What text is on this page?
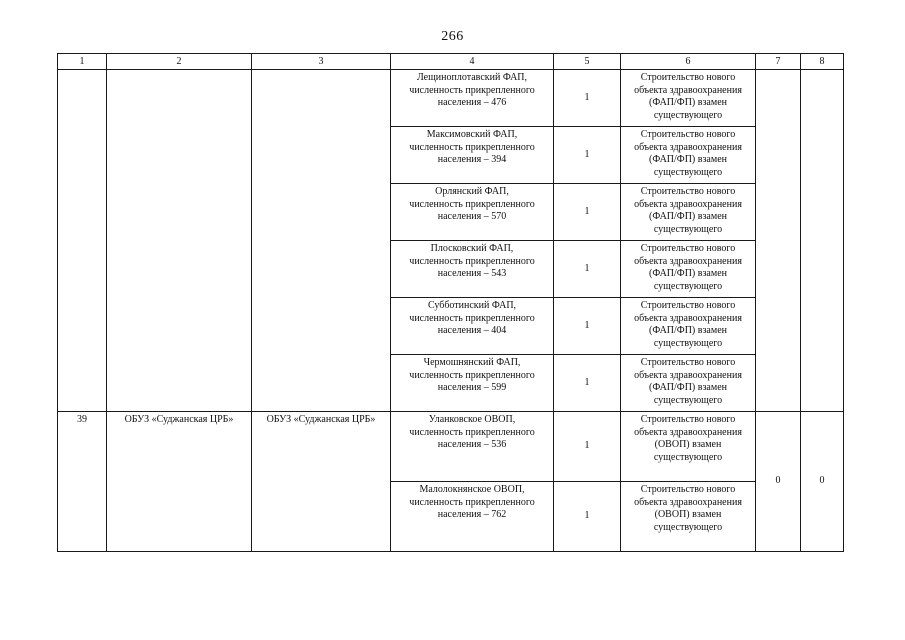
266
1	2	3	4	5	6	7	8

			Лещиноплотавский ФАП,
численность прикрепленного
населения – 476	1	Строительство нового
объекта здравоохранения
(ФАП/ФП) взамен
существующего		

			Максимовский ФАП,
численность прикрепленного
населения – 394	1	Строительство нового
объекта здравоохранения
(ФАП/ФП) взамен
существующего		

			Орлянский ФАП,
численность прикрепленного
населения – 570	1	Строительство нового
объекта здравоохранения
(ФАП/ФП) взамен
существующего		

			Плосковский ФАП,
численность прикрепленного
населения – 543	1	Строительство нового
объекта здравоохранения
(ФАП/ФП) взамен
существующего		

			Субботинский ФАП,
численность прикрепленного
населения – 404	1	Строительство нового
объекта здравоохранения
(ФАП/ФП) взамен
существующего		

			Чермошнянский ФАП,
численность прикрепленного
населения – 599	1	Строительство нового
объекта здравоохранения
(ФАП/ФП) взамен
существующего		

39	ОБУЗ «Суджанская ЦРБ»	ОБУЗ «Суджанская ЦРБ»	Уланковское ОВОП,
численность прикрепленного
населения – 536	1	Строительство нового
объекта здравоохранения
(ОВОП) взамен
существующего	0	0

			Малолокнянское ОВОП,
численность прикрепленного
населения – 762	1	Строительство нового
объекта здравоохранения
(ОВОП) взамен
существующего		
